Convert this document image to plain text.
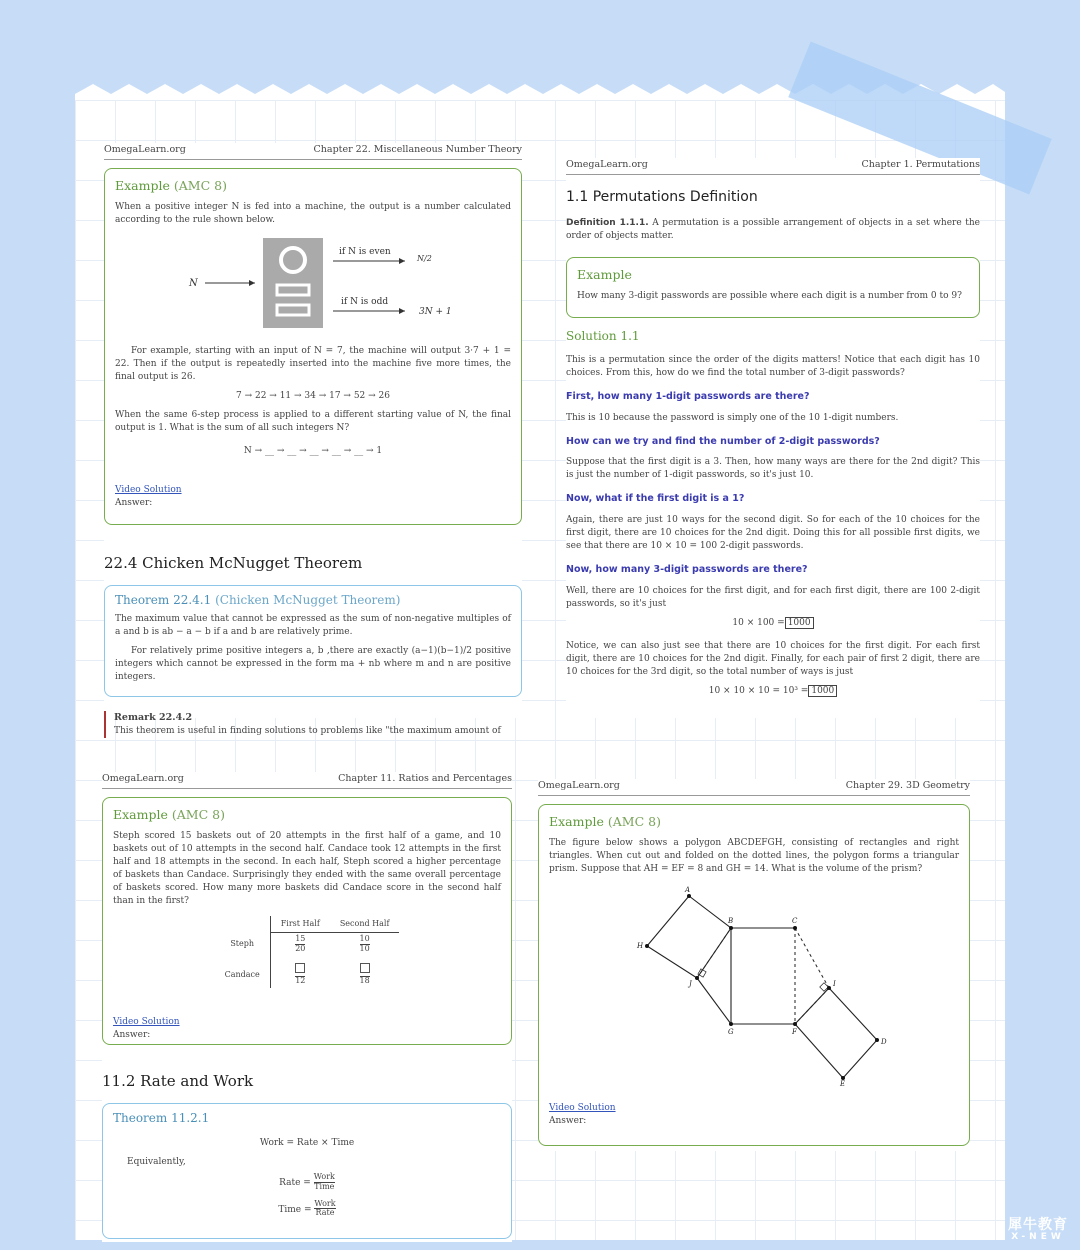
OmegaLearn.org	Chapter 22. Miscellaneous Number Theory
Example (AMC 8)
When a positive integer N is fed into a machine, the output is a number calculated according to the rule shown below.
N
if N is even
N/2
if N is odd
3N + 1
For example, starting with an input of N = 7, the machine will output 3·7 + 1 = 22. Then if the output is repeatedly inserted into the machine five more times, the final output is 26.
7 → 22 → 11 → 34 → 17 → 52 → 26
When the same 6-step process is applied to a different starting value of N, the final output is 1. What is the sum of all such integers N?
N → __ → __ → __ → __ → __ → 1
Video Solution
Answer:
22.4 Chicken McNugget Theorem
Theorem 22.4.1 (Chicken McNugget Theorem)
The maximum value that cannot be expressed as the sum of non-negative multiples of a and b is ab − a − b if a and b are relatively prime.
For relatively prime positive integers a, b ,there are exactly (a−1)(b−1)/2 positive integers which cannot be expressed in the form ma + nb where m and n are positive integers.
Remark 22.4.2
This theorem is useful in finding solutions to problems like "the maximum amount of
OmegaLearn.org	Chapter 1. Permutations
1.1 Permutations Definition
Definition 1.1.1. A permutation is a possible arrangement of objects in a set where the order of objects matter.
Example
How many 3-digit passwords are possible where each digit is a number from 0 to 9?
Solution 1.1
This is a permutation since the order of the digits matters! Notice that each digit has 10 choices. From this, how do we find the total number of 3-digit passwords?
First, how many 1-digit passwords are there?
This is 10 because the password is simply one of the 10 1-digit numbers.
How can we try and find the number of 2-digit passwords?
Suppose that the first digit is a 3. Then, how many ways are there for the 2nd digit? This is just the number of 1-digit passwords, so it's just 10.
Now, what if the first digit is a 1?
Again, there are just 10 ways for the second digit. So for each of the 10 choices for the first digit, there are 10 choices for the 2nd digit. Doing this for all possible first digits, we see that there are 10 × 10 = 100 2-digit passwords.
Now, how many 3-digit passwords are there?
Well, there are 10 choices for the first digit, and for each first digit, there are 100 2-digit passwords, so it's just
10 × 100 = 1000
Notice, we can also just see that there are 10 choices for the first digit. For each first digit, there are 10 choices for the 2nd digit. Finally, for each pair of first 2 digit, there are 10 choices for the 3rd digit, so the total number of ways is just
10 × 10 × 10 = 10³ = 1000
OmegaLearn.org	Chapter 11. Ratios and Percentages
Example (AMC 8)
Steph scored 15 baskets out of 20 attempts in the first half of a game, and 10 baskets out of 10 attempts in the second half. Candace took 12 attempts in the first half and 18 attempts in the second. In each half, Steph scored a higher percentage of baskets than Candace. Surprisingly they ended with the same overall percentage of baskets scored. How many more baskets did Candace score in the second half than in the first?
	First Half	Second Half
Steph	$\frac{15}{20}$	$\frac{10}{10}$

Candace	12	18
Video Solution
Answer:
11.2 Rate and Work
Theorem 11.2.1
Work = Rate × Time
Equivalently,
Rate = $\frac{\text{Work}}{\text{Time}}$
Time = $\frac{\text{Work}}{\text{Rate}}$
OmegaLearn.org	Chapter 29. 3D Geometry
Example (AMC 8)
The figure below shows a polygon ABCDEFGH, consisting of rectangles and right triangles. When cut out and folded on the dotted lines, the polygon forms a triangular prism. Suppose that AH = EF = 8 and GH = 14. What is the volume of the prism?
A
H
B	C
J
G	F
I
D
E
Video Solution
Answer:
犀牛教育
X-NEW
